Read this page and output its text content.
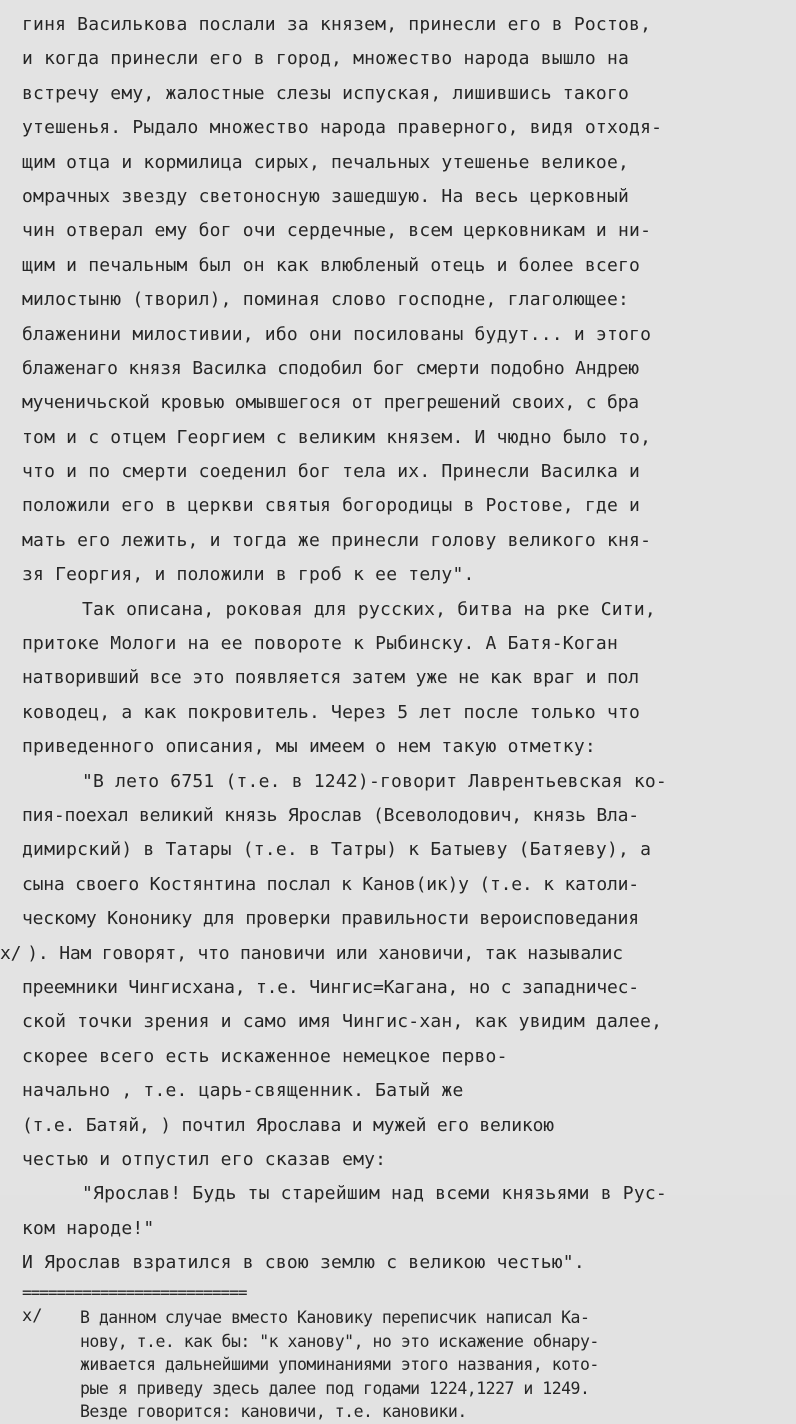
гиня Василькова послали за князем, принесли его в Ростов,
и когда принесли его в город, множество народа вышло на
встречу ему, жалостные слезы испуская, лишившись такого
утешенья. Рыдало множество народа праверного, видя отходя-
щим отца и кормилица сирых, печальных утешенье великое,
омрачных звезду светоносную зашедшую. На весь церковный
чин отверал ему бог очи сердечные, всем церковникам и ни-
щим и печальным был он как влюбленый отець и более всего
милостыню (творил), поминая слово господне, глаголющее:
блаженини милостивии, ибо они посилованы будут... и этого
блаженаго князя Василка сподобил бог смерти подобно Андрею
мученичьской кровью омывшегося от прегрешений своих, с бра
том и с отцем Георгием с великим князем. И чюдно было то,
что и по смерти соеденил бог тела их. Принесли Василка и
положили его в церкви святыя богородицы в Ростове, где и
мать его лежить, и тогда же принесли голову великого кня-
зя Георгия, и положили в гроб к ее телу".
Так описана, роковая для русских, битва на рке Сити,
притоке Мологи на ее повороте к Рыбинску. А Батя-Коган
натворивший все это появляется затем уже не как враг и пол
ководец, а как покровитель. Через 5 лет после только что
приведенного описания, мы имеем о нем такую отметку:
"В лето 6751 (т.е. в 1242)-говорит Лаврентьевская ко-
пия-поехал великий князь Ярослав (Всеволодович, князь Вла-
димирский) в Татары (т.е. в Татры) к Батыеву (Батяеву), а
сына своего Костянтина послал к Канов(ик)у (т.е. к католи-
ческому Кононику для проверки правильности вероисповедания
x/ ). Нам говорят, что пановичи или хановичи, так называлис
преемники Чингисхана, т.е. Чингис=Кагана, но с западничес-
ской точки зрения и само имя Чингис-хан, как увидим далее,
скорее всего есть искаженное немецкое перво-
начально , т.е. царь-священник. Батый же
(т.е. Батяй, ) почтил Ярослава и мужей его великою
честью и отпустил его сказав ему:
"Ярослав! Будь ты старейшим над всеми князьями в Рус-
ком народе!"
И Ярослав взратился в свою землю с великою честью".
==========================
x/	В данном случае вместо Кановику переписчик написал Ка-
нову, т.е. как бы: "к ханову", но это искажение обнару-
живается дальнейшими упоминаниями этого названия, кото-
рые я приведу здесь далее под годами 1224,1227 и 1249.
Везде говорится: кановичи, т.е. кановики.
